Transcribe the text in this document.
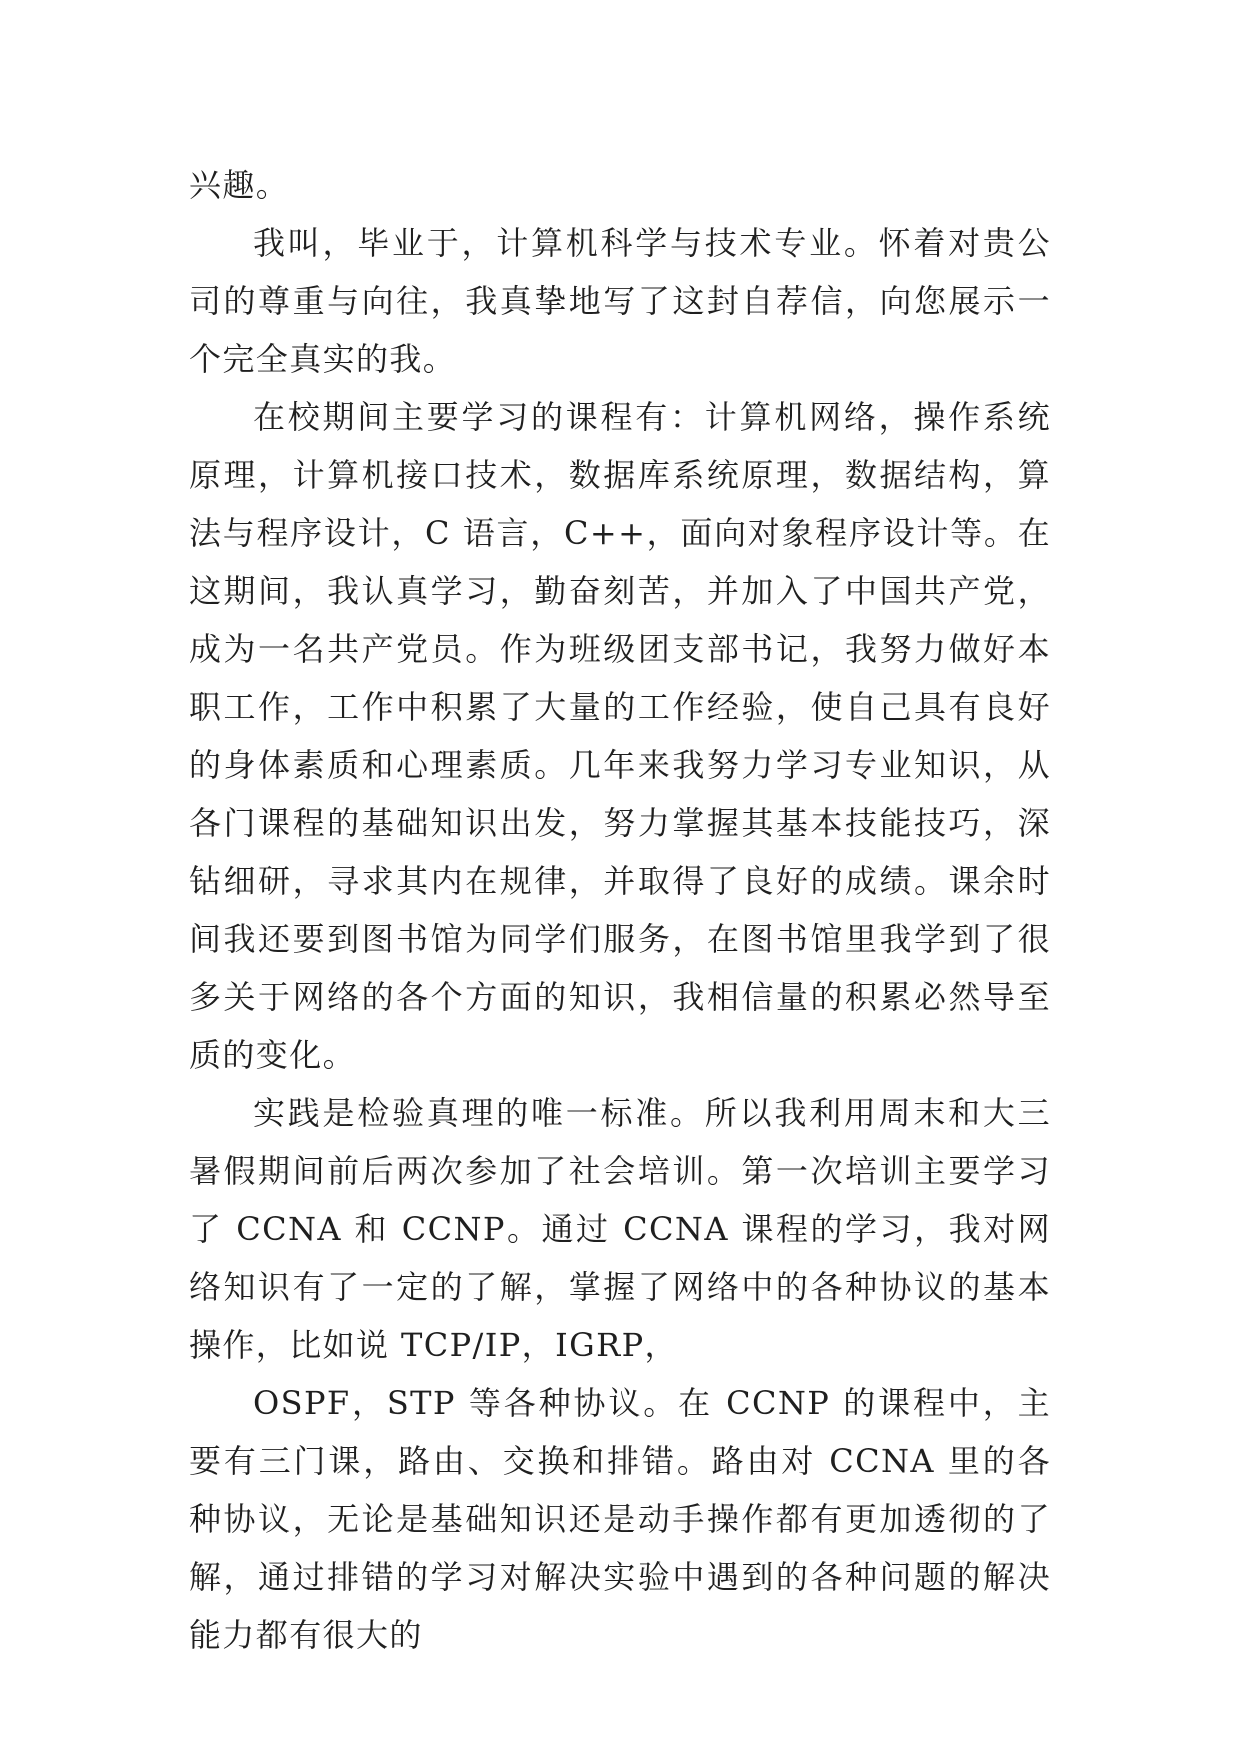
兴趣。

我叫，毕业于，计算机科学与技术专业。怀着对贵公司的尊重与向往，我真挚地写了这封自荐信，向您展示一个完全真实的我。

在校期间主要学习的课程有：计算机网络，操作系统原理，计算机接口技术，数据库系统原理，数据结构，算法与程序设计，C 语言，C++，面向对象程序设计等。在这期间，我认真学习，勤奋刻苦，并加入了中国共产党，成为一名共产党员。作为班级团支部书记，我努力做好本职工作，工作中积累了大量的工作经验，使自己具有良好的身体素质和心理素质。几年来我努力学习专业知识，从各门课程的基础知识出发，努力掌握其基本技能技巧，深钻细研，寻求其内在规律，并取得了良好的成绩。课余时间我还要到图书馆为同学们服务，在图书馆里我学到了很多关于网络的各个方面的知识，我相信量的积累必然导至质的变化。

实践是检验真理的唯一标准。所以我利用周末和大三暑假期间前后两次参加了社会培训。第一次培训主要学习了 CCNA 和 CCNP。通过 CCNA 课程的学习，我对网络知识有了一定的了解，掌握了网络中的各种协议的基本操作，比如说 TCP/IP，IGRP，

OSPF，STP 等各种协议。在 CCNP 的课程中，主要有三门课，路由、交换和排错。路由对 CCNA 里的各种协议，无论是基础知识还是动手操作都有更加透彻的了解，通过排错的学习对解决实验中遇到的各种问题的解决能力都有很大的
